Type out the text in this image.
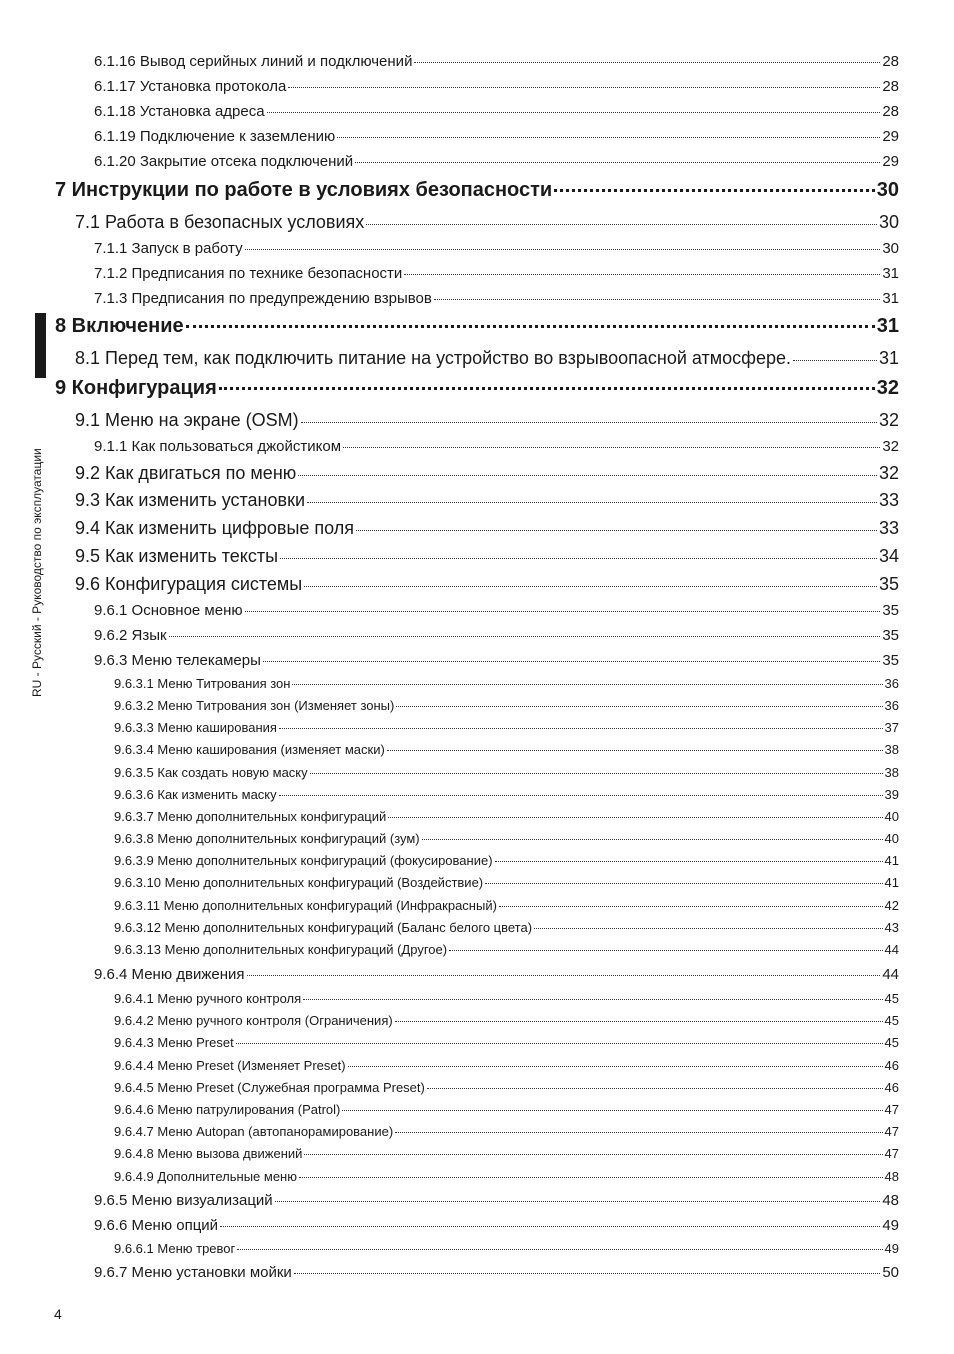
RU - Русский - Руководство по эксплуатации
6.1.16 Вывод серийных линий и подключений	28
6.1.17 Установка протокола	28
6.1.18 Установка адреса	28
6.1.19 Подключение к заземлению	29
6.1.20 Закрытие отсека подключений	29
7 Инструкции по работе в условиях безопасности	30
7.1 Работа в безопасных условиях	30
7.1.1 Запуск в работу	30
7.1.2 Предписания по технике безопасности	31
7.1.3 Предписания по предупреждению взрывов	31
8 Включение	31
8.1 Перед тем, как подключить питание на устройство во взрывоопасной атмосфере.	31
9 Конфигурация	32
9.1 Меню на экране (OSM)	32
9.1.1 Как пользоваться джойстиком	32
9.2 Как двигаться по меню	32
9.3 Как изменить установки	33
9.4 Как изменить цифровые поля	33
9.5 Как изменить тексты	34
9.6 Конфигурация системы	35
9.6.1 Основное меню	35
9.6.2 Язык	35
9.6.3 Меню телекамеры	35
9.6.3.1 Меню Титрования зон	36
9.6.3.2 Меню Титрования зон (Изменяет зоны)	36
9.6.3.3 Меню каширования	37
9.6.3.4 Меню каширования (изменяет маски)	38
9.6.3.5 Как создать новую маску	38
9.6.3.6 Как изменить маску	39
9.6.3.7 Меню дополнительных конфигураций	40
9.6.3.8 Меню дополнительных конфигураций (зум)	40
9.6.3.9 Меню дополнительных конфигураций (фокусирование)	41
9.6.3.10 Меню дополнительных конфигураций (Воздействие)	41
9.6.3.11 Меню дополнительных конфигураций (Инфракрасный)	42
9.6.3.12 Меню дополнительных конфигураций (Баланс белого цвета)	43
9.6.3.13 Меню дополнительных конфигураций (Другое)	44
9.6.4 Меню движения	44
9.6.4.1 Меню ручного контроля	45
9.6.4.2 Меню ручного контроля (Ограничения)	45
9.6.4.3 Меню Preset	45
9.6.4.4 Меню Preset (Изменяет Preset)	46
9.6.4.5 Меню Preset (Служебная программа Preset)	46
9.6.4.6 Меню патрулирования (Patrol)	47
9.6.4.7 Меню Autopan (автопанорамирование)	47
9.6.4.8 Меню вызова движений	47
9.6.4.9 Дополнительные меню	48
9.6.5 Меню визуализаций	48
9.6.6 Меню опций	49
9.6.6.1 Меню тревог	49
9.6.7 Меню установки мойки	50
4
